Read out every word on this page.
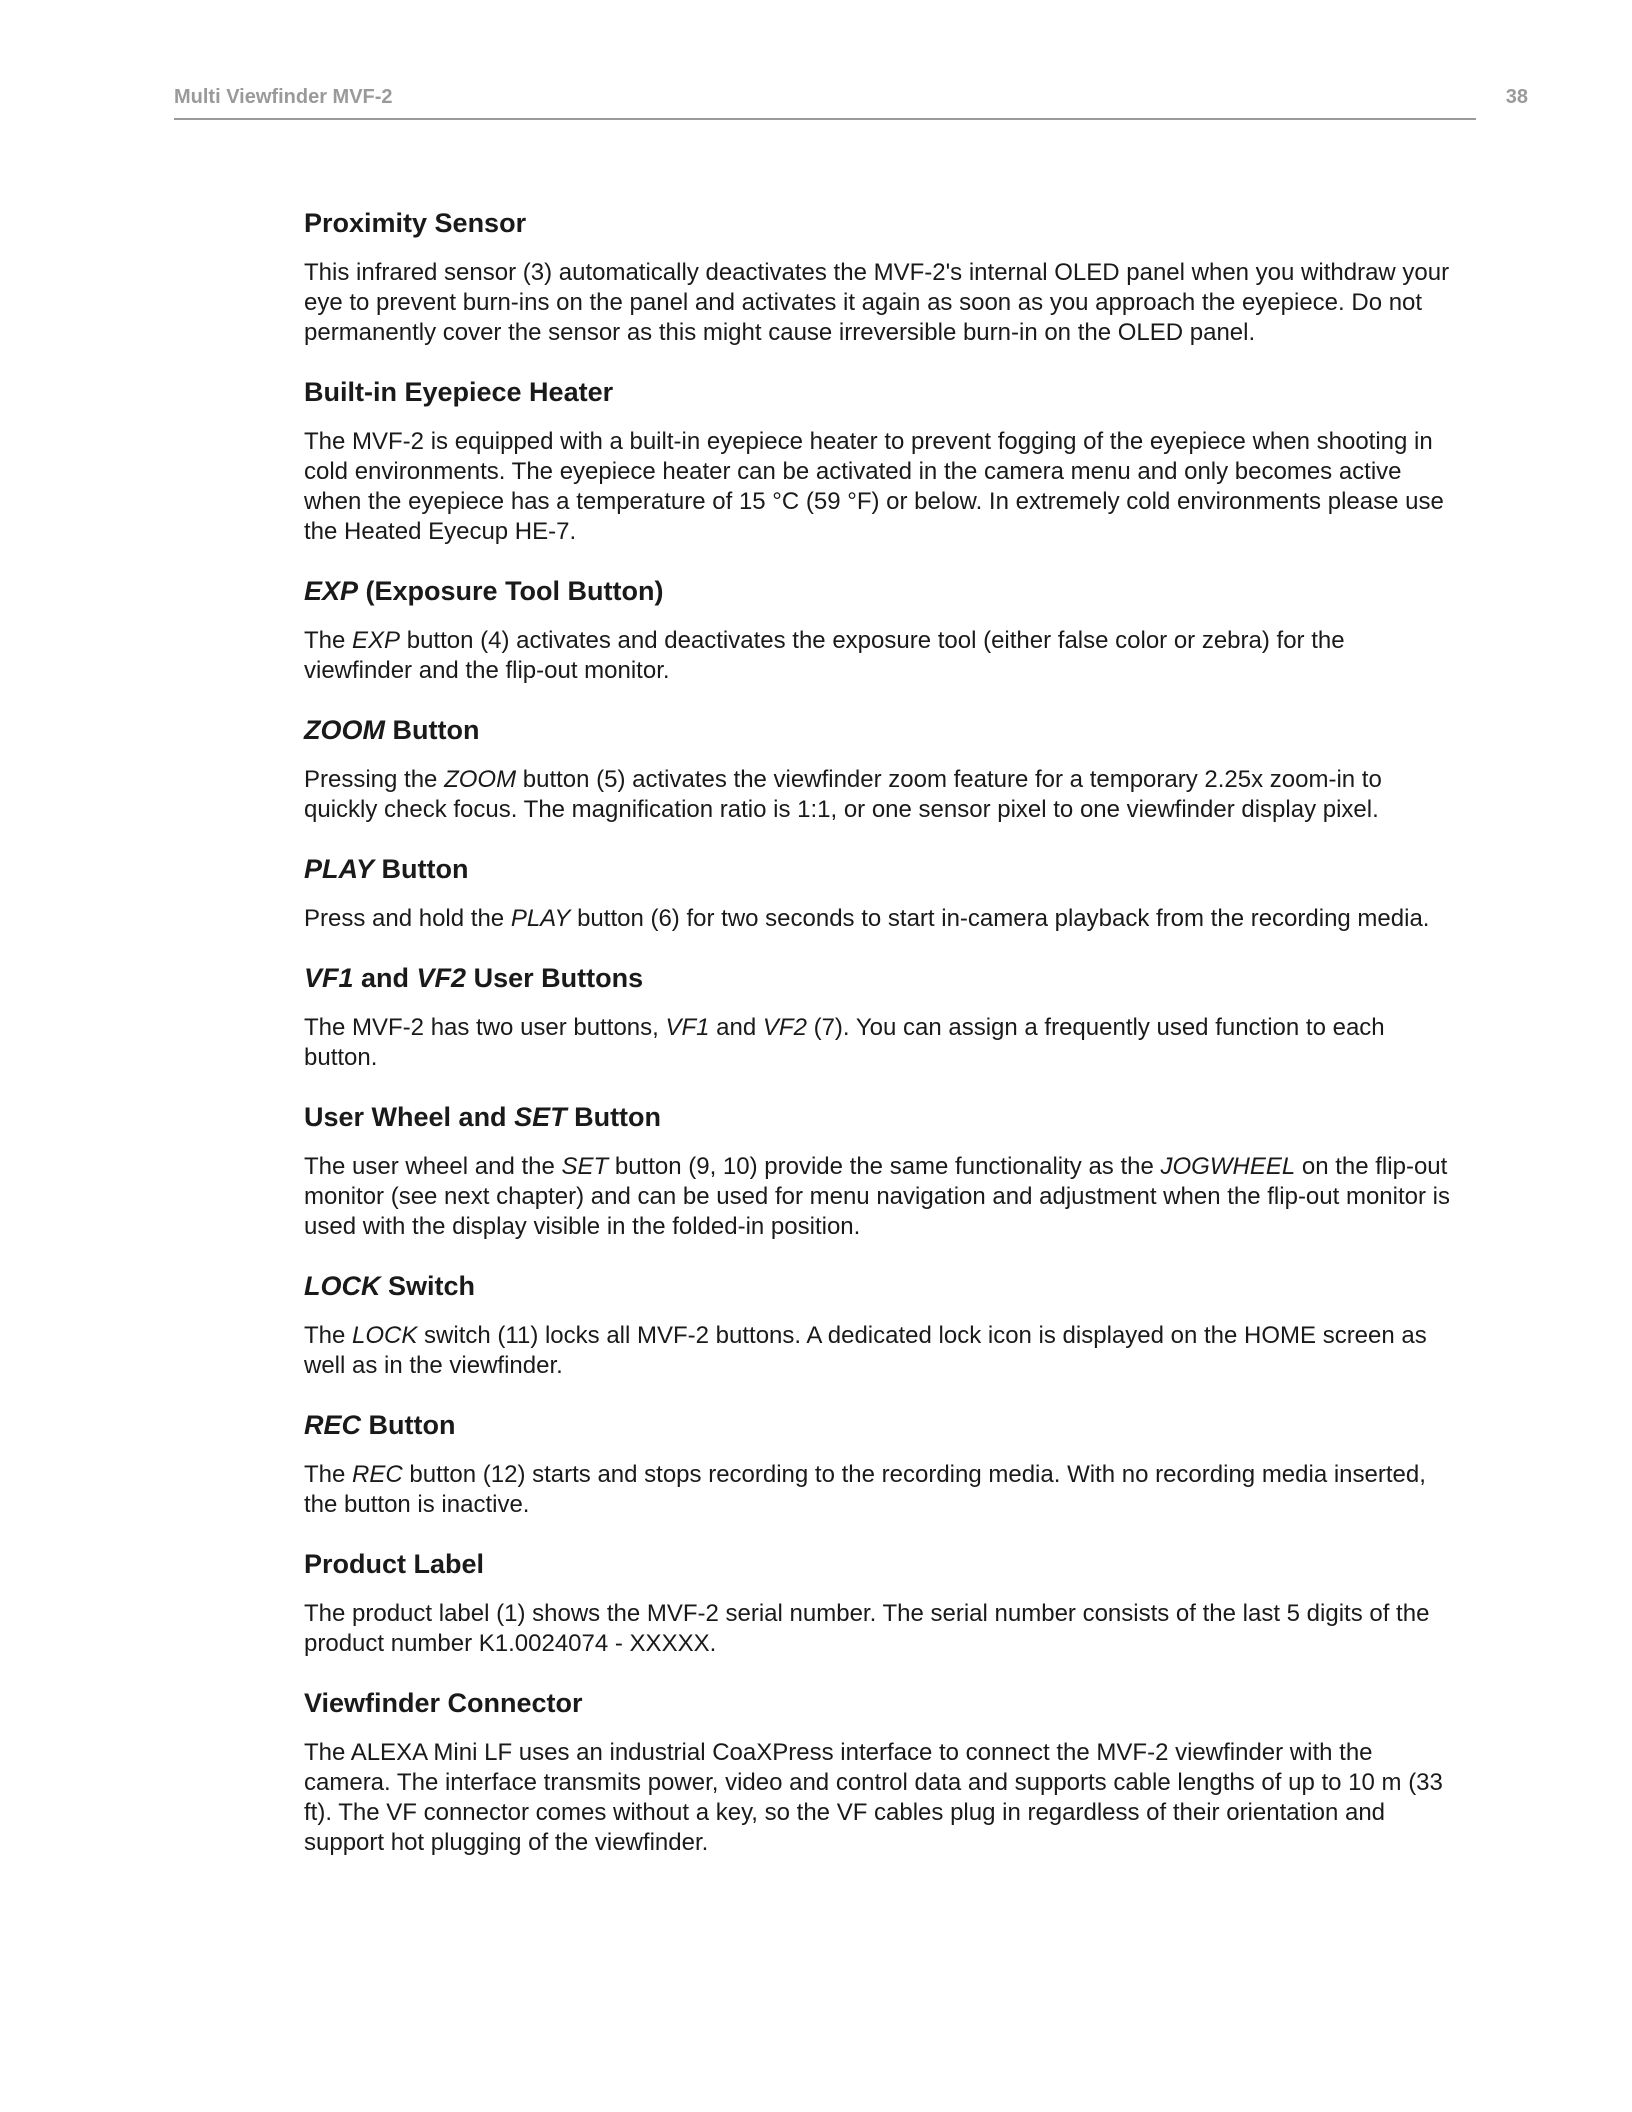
Multi Viewfinder MVF-2	38
Proximity Sensor

This infrared sensor (3) automatically deactivates the MVF-2's internal OLED panel when you withdraw your eye to prevent burn-ins on the panel and activates it again as soon as you approach the eyepiece. Do not permanently cover the sensor as this might cause irreversible burn-in on the OLED panel.

Built-in Eyepiece Heater

The MVF-2 is equipped with a built-in eyepiece heater to prevent fogging of the eyepiece when shooting in cold environments. The eyepiece heater can be activated in the camera menu and only becomes active when the eyepiece has a temperature of 15 °C (59 °F) or below. In extremely cold environments please use the Heated Eyecup HE-7.

EXP (Exposure Tool Button)

The EXP button (4) activates and deactivates the exposure tool (either false color or zebra) for the viewfinder and the flip-out monitor.

ZOOM Button

Pressing the ZOOM button (5) activates the viewfinder zoom feature for a temporary 2.25x zoom-in to quickly check focus. The magnification ratio is 1:1, or one sensor pixel to one viewfinder display pixel.

PLAY Button

Press and hold the PLAY button (6) for two seconds to start in-camera playback from the recording media.

VF1 and VF2 User Buttons

The MVF-2 has two user buttons, VF1 and VF2 (7). You can assign a frequently used function to each button.

User Wheel and SET Button

The user wheel and the SET button (9, 10) provide the same functionality as the JOGWHEEL on the flip-out monitor (see next chapter) and can be used for menu navigation and adjustment when the flip-out monitor is used with the display visible in the folded-in position.

LOCK Switch

The LOCK switch (11) locks all MVF-2 buttons. A dedicated lock icon is displayed on the HOME screen as well as in the viewfinder.

REC Button

The REC button (12) starts and stops recording to the recording media. With no recording media inserted, the button is inactive.

Product Label

The product label (1) shows the MVF-2 serial number. The serial number consists of the last 5 digits of the product number K1.0024074 - XXXXX.

Viewfinder Connector

The ALEXA Mini LF uses an industrial CoaXPress interface to connect the MVF-2 viewfinder with the camera. The interface transmits power, video and control data and supports cable lengths of up to 10 m (33 ft). The VF connector comes without a key, so the VF cables plug in regardless of their orientation and support hot plugging of the viewfinder.
